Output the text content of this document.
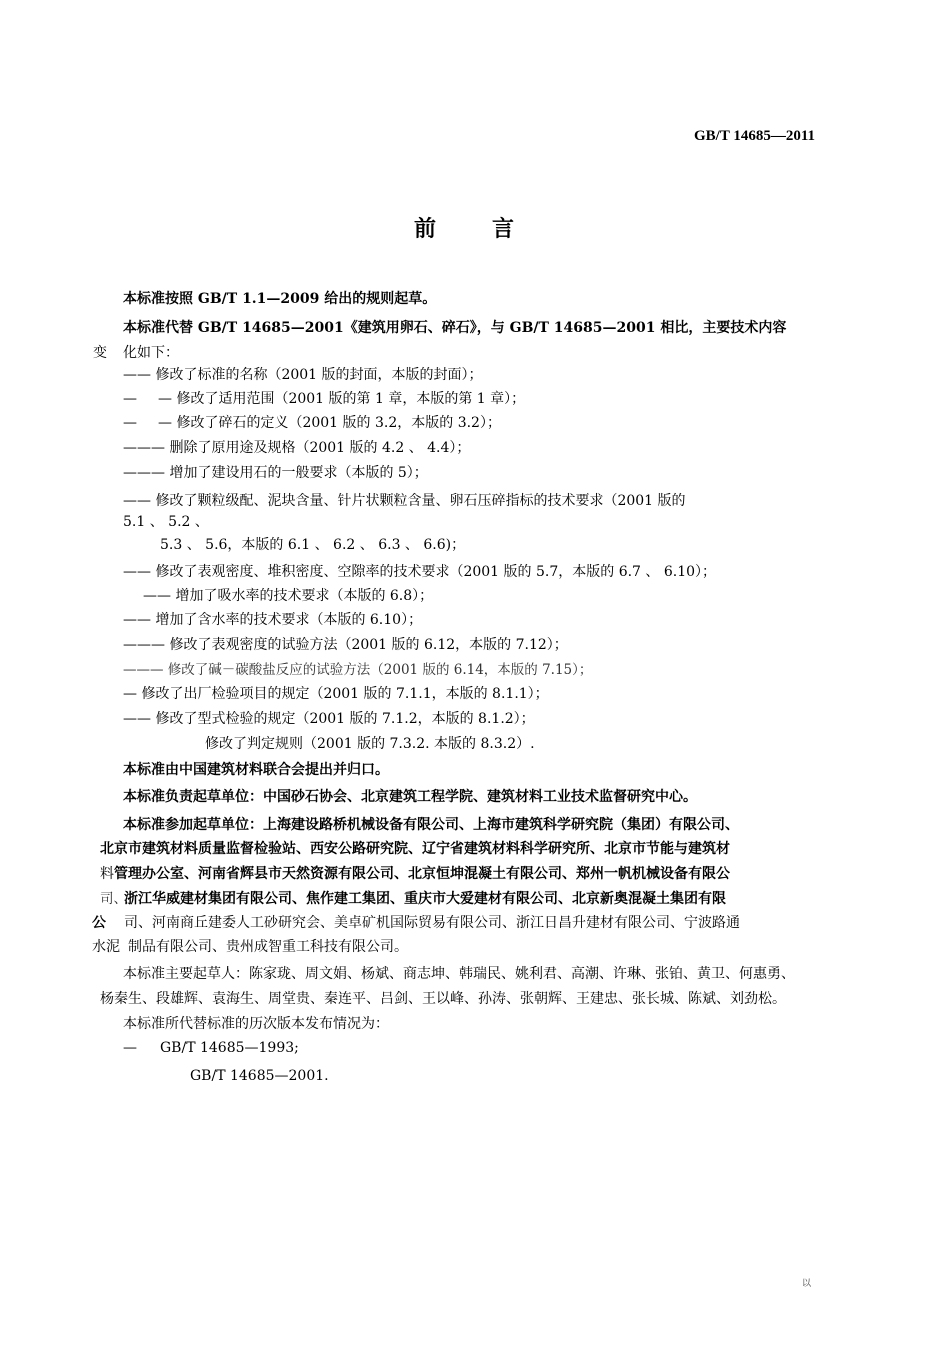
GB/T 14685—2011
前	言
本标准按照 GB/T 1.1—2009 给出的规则起草。
本标准代替 GB/T 14685—2001《建筑用卵石、碎石》，与 GB/T 14685—2001 相比，主要技术内容
变 化如下：
—— 修改了标准的名称（2001 版的封面，本版的封面）；
— — 修改了适用范围（2001 版的第 1 章，本版的第 1 章）；
— — 修改了碎石的定义（2001 版的 3.2，本版的 3.2）；
——— 删除了原用途及规格（2001 版的 4.2 、 4.4）；
——— 增加了建设用石的一般要求（本版的 5）；
—— 修改了颗粒级配、泥块含量、针片状颗粒含量、卵石压碎指标的技术要求（2001 版的
5.1 、 5.2 、
5.3 、 5.6，本版的 6.1 、 6.2 、 6.3 、 6.6)；
—— 修改了表观密度、堆积密度、空隙率的技术要求（2001 版的 5.7，本版的 6.7 、 6.10）；
—— 增加了吸水率的技术要求（本版的 6.8）；
—— 增加了含水率的技术要求（本版的 6.10）；
——— 修改了表观密度的试验方法（2001 版的 6.12，本版的 7.12）；
——— 修改了碱－碳酸盐反应的试验方法（2001 版的 6.14，本版的 7.15）；
— 修改了出厂检验项目的规定（2001 版的 7.1.1，本版的 8.1.1）；
—— 修改了型式检验的规定（2001 版的 7.1.2，本版的 8.1.2）；
修改了判定规则（2001 版的 7.3.2. 本版的 8.3.2）.
本标准由中国建筑材料联合会提出并归口。
本标准负责起草单位：中国砂石协会、北京建筑工程学院、建筑材料工业技术监督研究中心。
本标准参加起草单位：上海建设路桥机械设备有限公司、上海市建筑科学研究院（集团）有限公司、
北京市建筑材料质量监督检验站、西安公路研究院、辽宁省建筑材料科学研究所、北京市节能与建筑材
料 管理办公室、河南省辉县市天然资源有限公司、北京恒坤混凝土有限公司、郑州一帆机械设备有限公
司、
浙江华威建材集团有限公司、焦作建工集团、重庆市大爱建材有限公司、北京新奥混凝土集团有限
公 司、河南商丘建委人工砂研究会、美卓矿机国际贸易有限公司、浙江日昌升建材有限公司、宁波路通
水泥 制品有限公司、贵州成智重工科技有限公司。
本标准主要起草人：陈家珑、周文娟、杨斌、商志坤、韩瑞民、姚利君、高潮、许琳、张铂、黄卫、何惠勇、
杨秦生、段雄辉、袁海生、周堂贵、秦连平、吕剑、王以峰、孙涛、张朝辉、王建忠、张长城、陈斌、刘劲松。
本标准所代替标准的历次版本发布情况为：
— GB/T 14685—1993;
GB/T 14685—2001.
以
